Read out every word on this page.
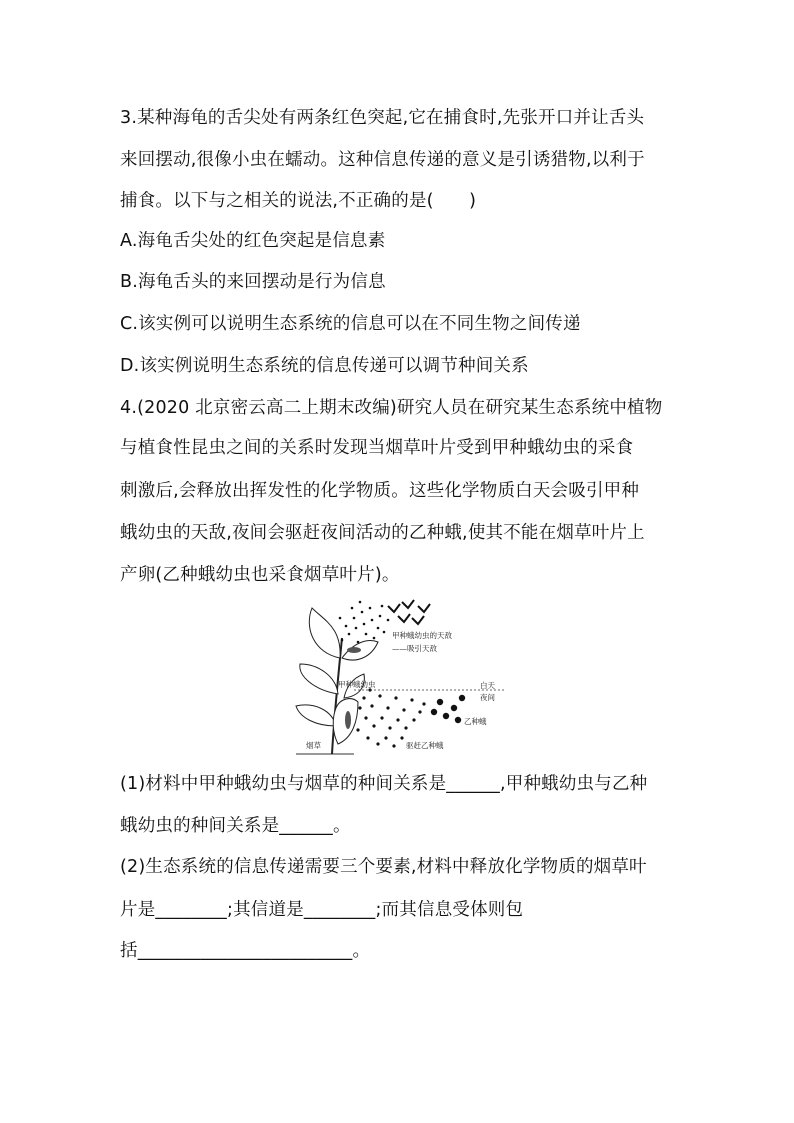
3.某种海龟的舌尖处有两条红色突起,它在捕食时,先张开口并让舌头
来回摆动,很像小虫在蠕动。这种信息传递的意义是引诱猎物,以利于
捕食。以下与之相关的说法,不正确的是(　　)
A.海龟舌尖处的红色突起是信息素
B.海龟舌头的来回摆动是行为信息
C.该实例可以说明生态系统的信息可以在不同生物之间传递
D.该实例说明生态系统的信息传递可以调节种间关系
4.(2020 北京密云高二上期末改编)研究人员在研究某生态系统中植物
与植食性昆虫之间的关系时发现当烟草叶片受到甲种蛾幼虫的采食
刺激后,会释放出挥发性的化学物质。这些化学物质白天会吸引甲种
蛾幼虫的天敌,夜间会驱赶夜间活动的乙种蛾,使其不能在烟草叶片上
产卵(乙种蛾幼虫也采食烟草叶片)。
甲种蛾幼虫的天敌
——吸引天敌
甲种蛾幼虫	白天
夜间
乙种蛾
烟草	驱赶乙种蛾
(1)材料中甲种蛾幼虫与烟草的种间关系是______,甲种蛾幼虫与乙种
蛾幼虫的种间关系是______。
(2)生态系统的信息传递需要三个要素,材料中释放化学物质的烟草叶
片是________;其信道是________;而其信息受体则包
括________________________。
